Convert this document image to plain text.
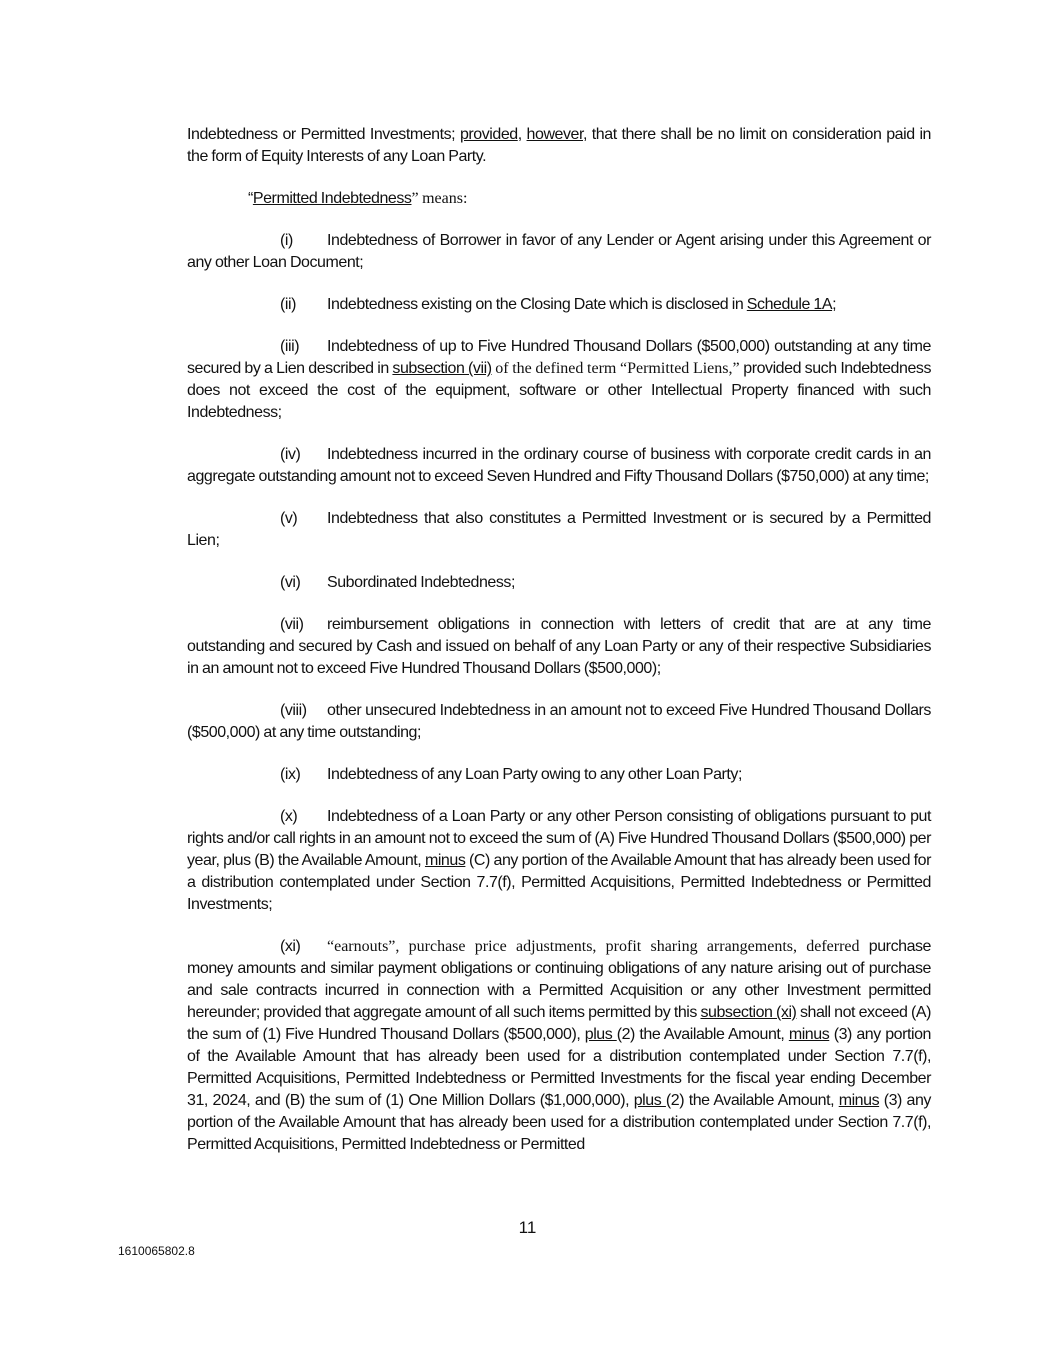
Indebtedness or Permitted Investments; provided, however, that there shall be no limit on consideration paid in the form of Equity Interests of any Loan Party.

“Permitted Indebtedness” means:

(i) Indebtedness of Borrower in favor of any Lender or Agent arising under this Agreement or any other Loan Document;

(ii) Indebtedness existing on the Closing Date which is disclosed in Schedule 1A;

(iii) Indebtedness of up to Five Hundred Thousand Dollars ($500,000) outstanding at any time secured by a Lien described in subsection (vii) of the defined term “Permitted Liens,” provided such Indebtedness does not exceed the cost of the equipment, software or other Intellectual Property financed with such Indebtedness;

(iv) Indebtedness incurred in the ordinary course of business with corporate credit cards in an aggregate outstanding amount not to exceed Seven Hundred and Fifty Thousand Dollars ($750,000) at any time;

(v) Indebtedness that also constitutes a Permitted Investment or is secured by a Permitted Lien;

(vi) Subordinated Indebtedness;

(vii) reimbursement obligations in connection with letters of credit that are at any time outstanding and secured by Cash and issued on behalf of any Loan Party or any of their respective Subsidiaries in an amount not to exceed Five Hundred Thousand Dollars ($500,000);

(viii) other unsecured Indebtedness in an amount not to exceed Five Hundred Thousand Dollars ($500,000) at any time outstanding;

(ix) Indebtedness of any Loan Party owing to any other Loan Party;

(x) Indebtedness of a Loan Party or any other Person consisting of obligations pursuant to put rights and/or call rights in an amount not to exceed the sum of (A) Five Hundred Thousand Dollars ($500,000) per year, plus (B) the Available Amount, minus (C) any portion of the Available Amount that has already been used for a distribution contemplated under Section 7.7(f), Permitted Acquisitions, Permitted Indebtedness or Permitted Investments;

(xi) “earnouts”, purchase price adjustments, profit sharing arrangements, deferred purchase money amounts and similar payment obligations or continuing obligations of any nature arising out of purchase and sale contracts incurred in connection with a Permitted Acquisition or any other Investment permitted hereunder; provided that aggregate amount of all such items permitted by this subsection (xi) shall not exceed (A) the sum of (1) Five Hundred Thousand Dollars ($500,000), plus (2) the Available Amount, minus (3) any portion of the Available Amount that has already been used for a distribution contemplated under Section 7.7(f), Permitted Acquisitions, Permitted Indebtedness or Permitted Investments for the fiscal year ending December 31, 2024, and (B) the sum of (1) One Million Dollars ($1,000,000), plus (2) the Available Amount, minus (3) any portion of the Available Amount that has already been used for a distribution contemplated under Section 7.7(f), Permitted Acquisitions, Permitted Indebtedness or Permitted

11
1610065802.8
